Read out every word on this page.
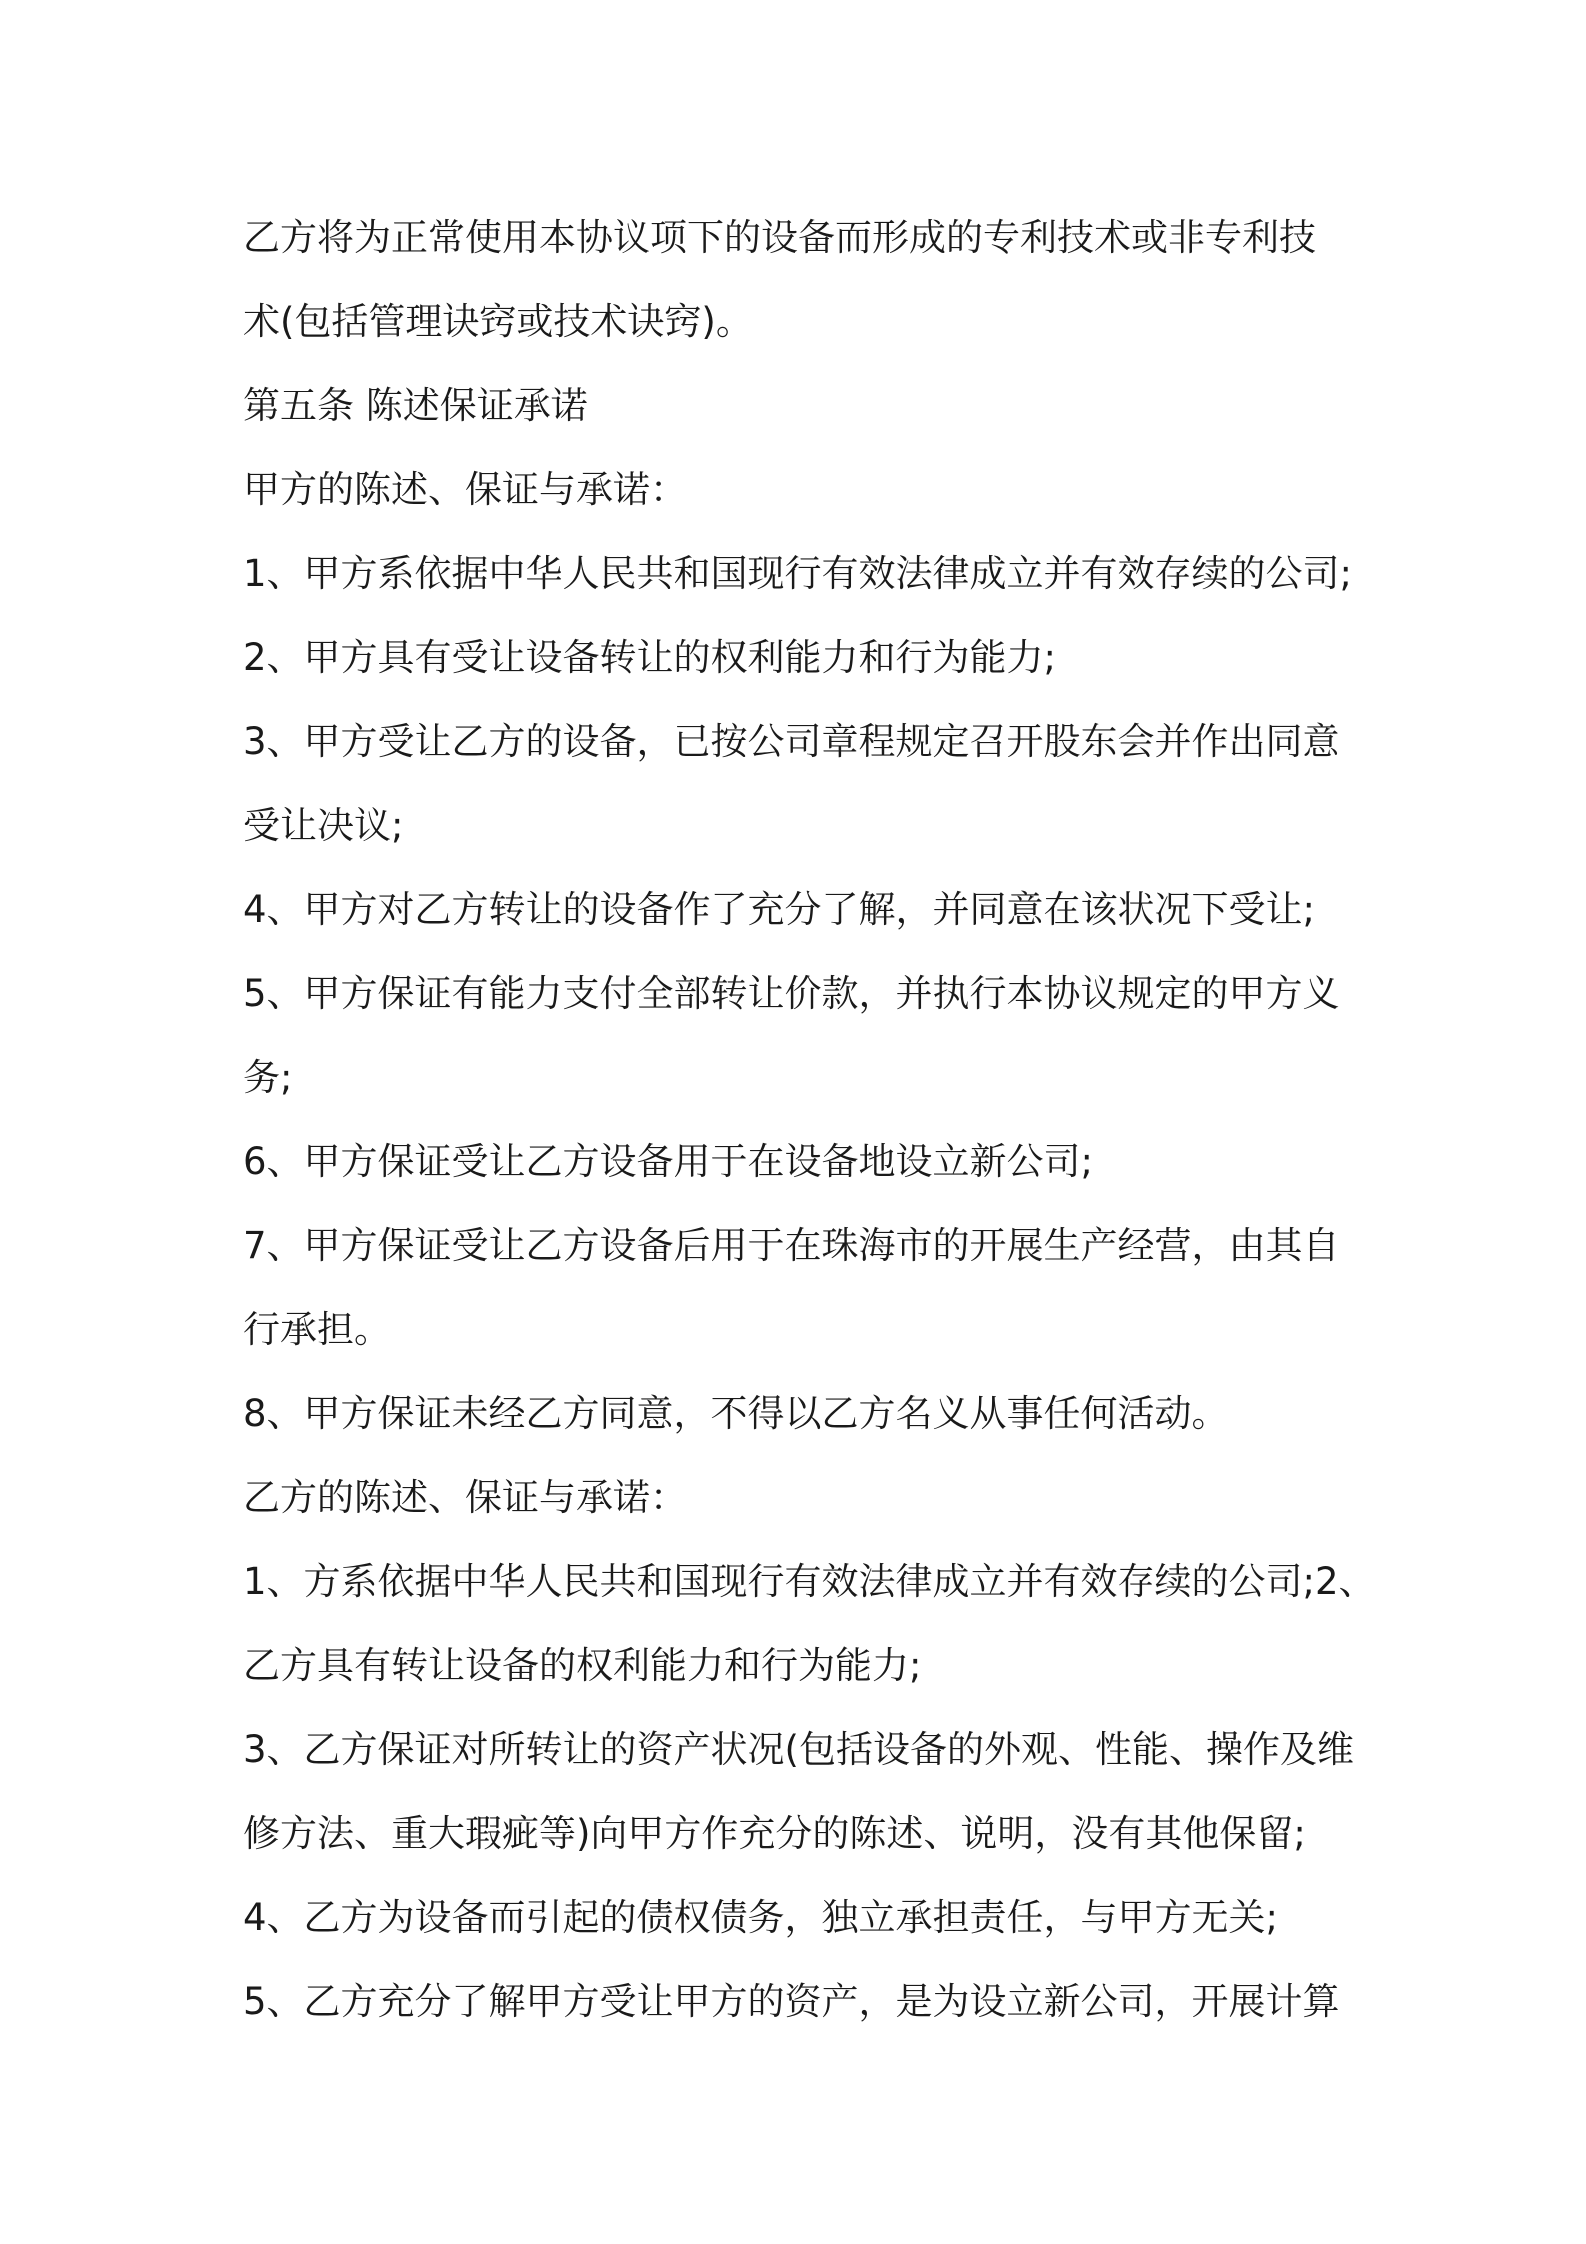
乙方将为正常使用本协议项下的设备而形成的专利技术或非专利技
术(包括管理诀窍或技术诀窍)。
第五条 陈述保证承诺
甲方的陈述、保证与承诺：
1、甲方系依据中华人民共和国现行有效法律成立并有效存续的公司;
2、甲方具有受让设备转让的权利能力和行为能力;
3、甲方受让乙方的设备，已按公司章程规定召开股东会并作出同意
受让决议;
4、甲方对乙方转让的设备作了充分了解，并同意在该状况下受让;
5、甲方保证有能力支付全部转让价款，并执行本协议规定的甲方义
务;
6、甲方保证受让乙方设备用于在设备地设立新公司;
7、甲方保证受让乙方设备后用于在珠海市的开展生产经营，由其自
行承担。
8、甲方保证未经乙方同意，不得以乙方名义从事任何活动。
乙方的陈述、保证与承诺：
1、方系依据中华人民共和国现行有效法律成立并有效存续的公司;2、
乙方具有转让设备的权利能力和行为能力;
3、乙方保证对所转让的资产状况(包括设备的外观、性能、操作及维
修方法、重大瑕疵等)向甲方作充分的陈述、说明，没有其他保留;
4、乙方为设备而引起的债权债务，独立承担责任，与甲方无关;
5、乙方充分了解甲方受让甲方的资产，是为设立新公司，开展计算
